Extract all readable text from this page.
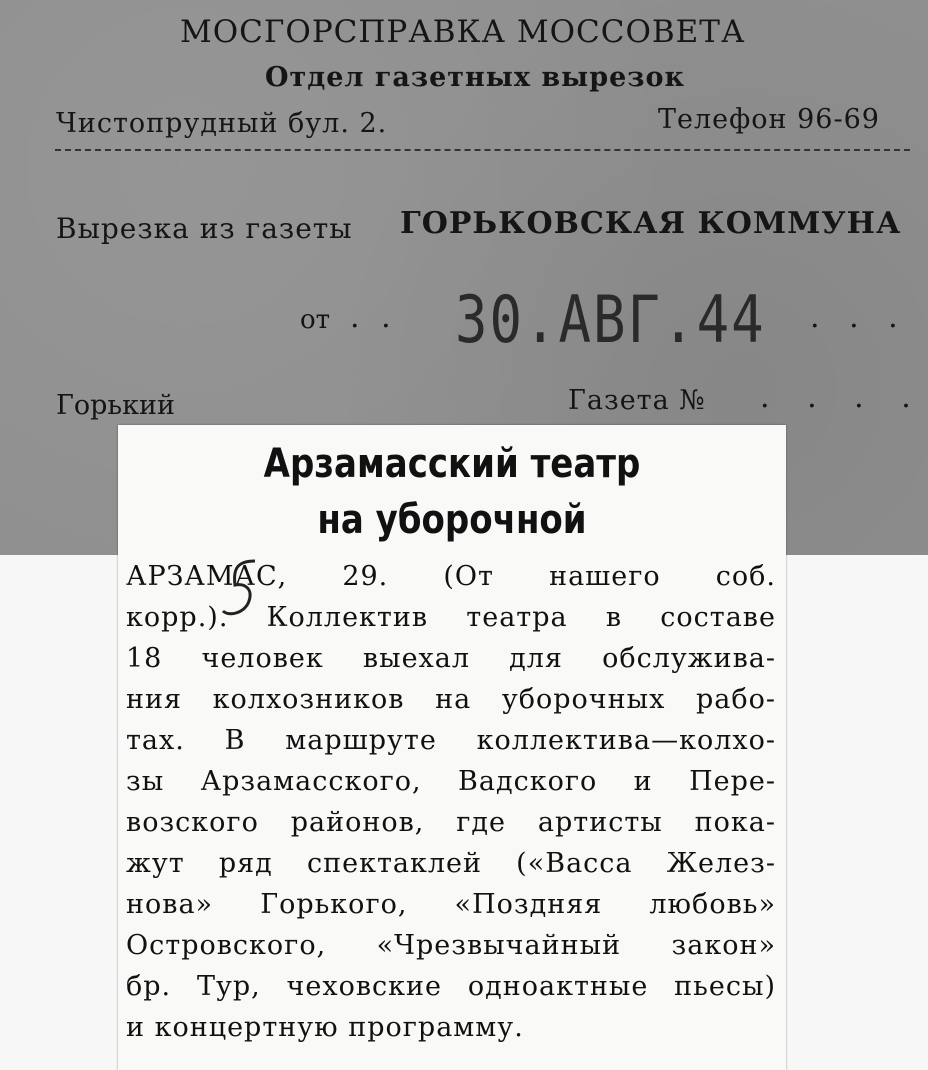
МОСГОРСПРАВКА МОССОВЕТА
Отдел газетных вырезок
Чистопрудный бул. 2.	Телефон 96-69
Вырезка из газеты ГОРЬКОВСКАЯ КОММУНА
от . . 30.АВГ.44 . . .
Горький	Газета № . . . .
Арзамасский театр
на уборочной
АРЗАМАС, 29. (От нашего соб.
корр.). Коллектив театра в составе
18 человек выехал для обслужива-
ния колхозников на уборочных рабо-
тах. В маршруте коллектива—колхо-
зы Арзамасского, Вадского и Пере-
возского районов, где артисты пока-
жут ряд спектаклей («Васса Желез-
нова» Горького, «Поздняя любовь»
Островского, «Чрезвычайный закон»
бр. Тур, чеховские одноактные пьесы)
и концертную программу.
